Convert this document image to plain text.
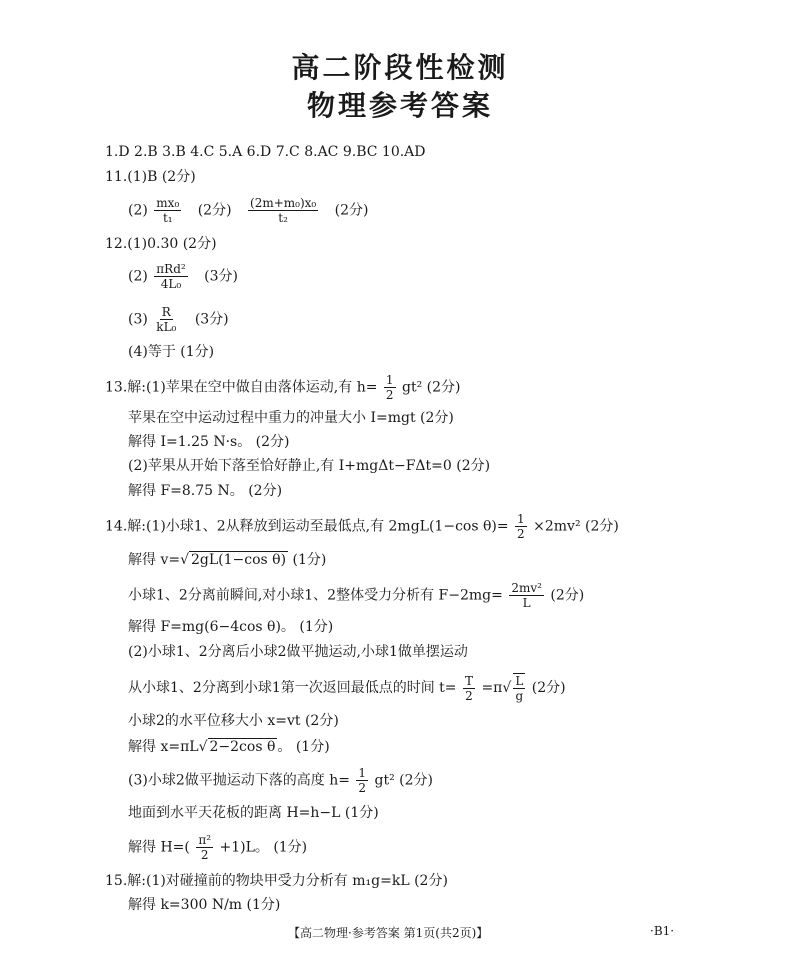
高二阶段性检测
物理参考答案
1.D 2.B 3.B 4.C 5.A 6.D 7.C 8.AC 9.BC 10.AD
11.(1)B (2分)
$(2) \frac{\text{mx₀}}{\text{t₁}} (2$分) $\frac{\text{(2m+m₀)x₀}}{\text{t₂}} (2$分)
12.(1)0.30 (2分)
$(2) \frac{\text{πRd²}}{\text{4L₀}} (3$分)
$(3) \frac{R}{\text{kL₀}} (3$分)
(4)等于 (1分)
13.解:(1)苹果在空中做自由落体运动,有 $h= \frac{1}{2} gt^2$ (2分)
苹果在空中运动过程中重力的冲量大小 I=mgt (2分)
解得 I=1.25 N·s。 (2分)
(2)苹果从开始下落至恰好静止,有 I+mgΔt−FΔt=0 (2分)
解得 F=8.75 N。 (2分)
14.解:(1)小球1、2从释放到运动至最低点,有 2mgL(1−cos $\theta)= \frac{1}{2} \times 2mv^2$ (2分)
解得 v=√ 2gL(1−cos θ) (1分)
小球1、2分离前瞬间,对小球1、2整体受力分析有 $F-2mg= \frac{\text{2mv²}}{L} (2$分)
解得 F=mg(6−4cos θ)。 (1分)
(2)小球1、2分离后小球2做平抛运动,小球1做单摆运动
从小球1、2分离到小球1第一次返回最低点的时间 $t= \frac{T}{2} =\pi√ \frac{L}{g} (2$分)
小球2的水平位移大小 x=vt (2分)
解得 x=πL√ 2−2cos θ 。 (1分)
(3)小球2做平抛运动下落的高度 $h= \frac{1}{2} gt^2$ (2分)
地面到水平天花板的距离 H=h−L (1分)
解得 $H=( \frac{\text{π²}}{2} +1)L$。 (1分)
15.解:(1)对碰撞前的物块甲受力分析有 m₁g=kL (2分)
解得 k=300 N/m (1分)
【高二物理·参考答案 第1页(共2页)】	·B1·
